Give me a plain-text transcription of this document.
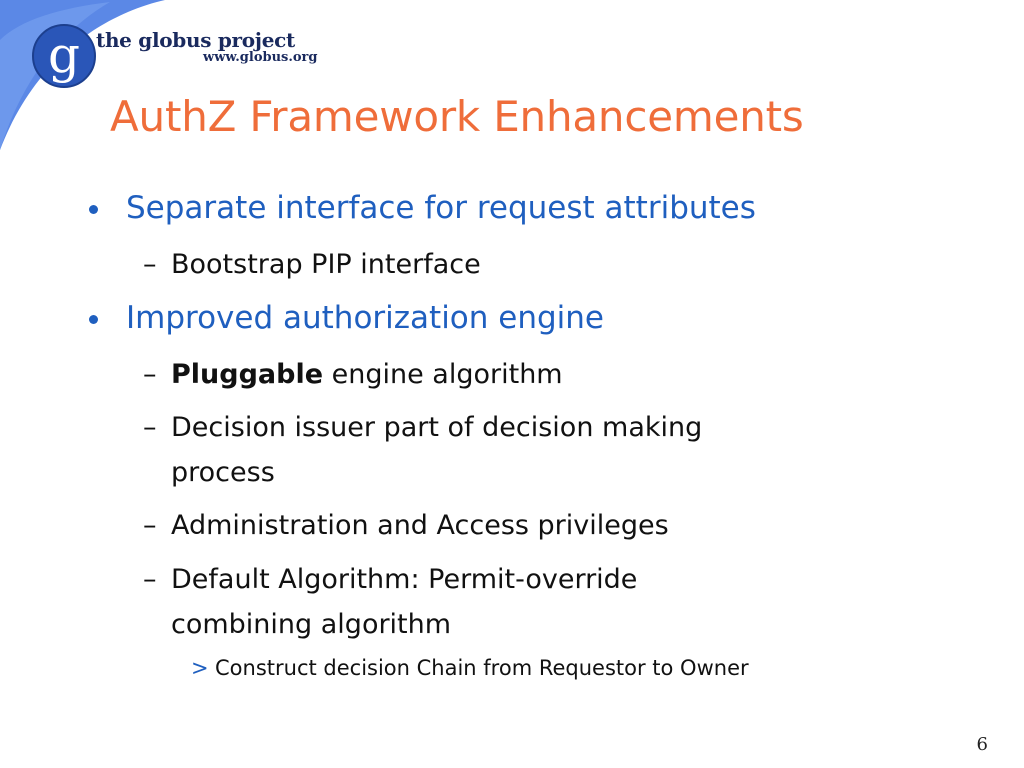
g the globus project
www.globus.org
AuthZ Framework Enhancements
Separate interface for request attributes
– Bootstrap PIP interface
Improved authorization engine
– Pluggable engine algorithm
– Decision issuer part of decision making
process
– Administration and Access privileges
– Default Algorithm: Permit-override
combining algorithm
> Construct decision Chain from Requestor to Owner
6
